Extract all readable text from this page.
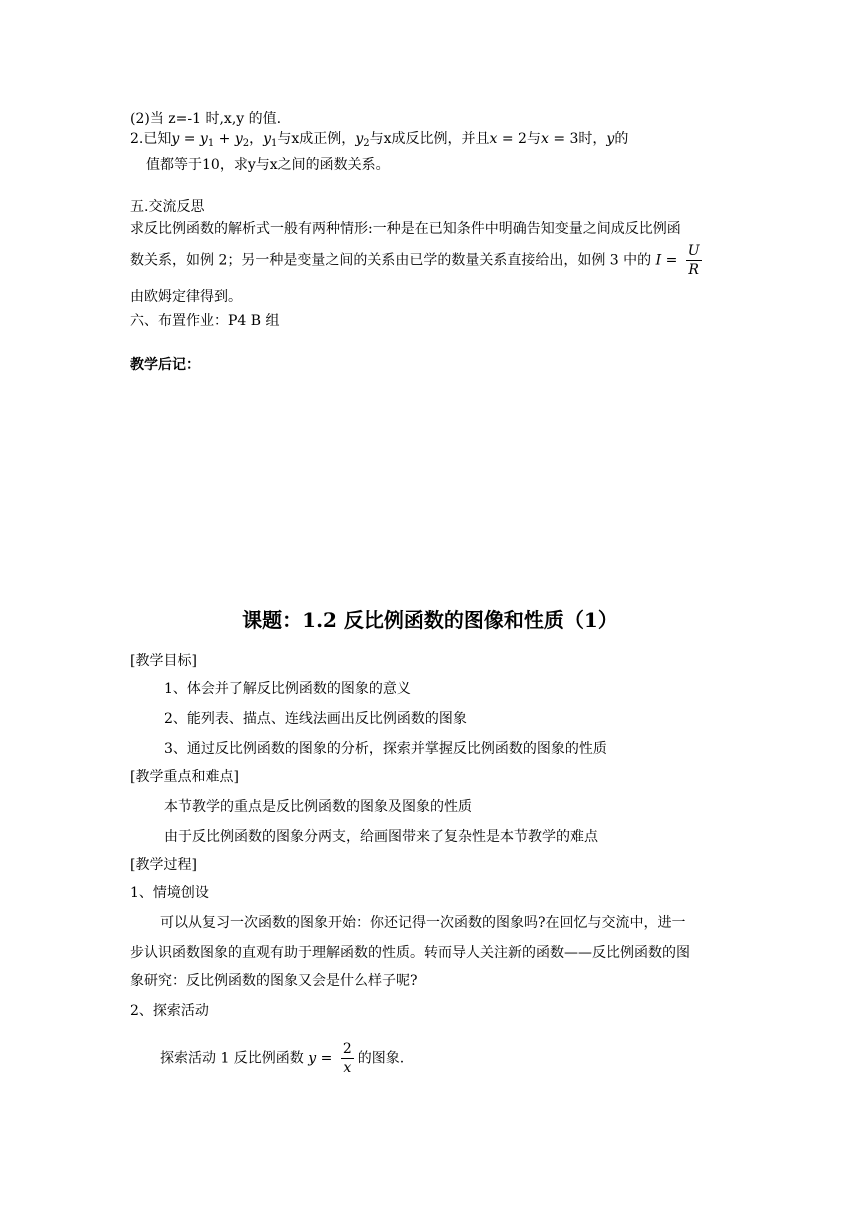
(2)当 z=-1 时,x,y 的值.
2.已知$y = y_1 + y_2$，$y_1$与x成正例，$y_2$与x成反比例，并且x = 2与x = 3时，y的
值都等于10，求y与x之间的函数关系。
五.交流反思
求反比例函数的解析式一般有两种情形:一种是在已知条件中明确告知变量之间成反比例函
数关系，如例 2；另一种是变量之间的关系由已学的数量关系直接给出，如例 3 中的 $I = \frac{U}{R}$
由欧姆定律得到。
六、布置作业：P4 B 组
教学后记：
课题：1.2 反比例函数的图像和性质（1）
[教学目标]
1、体会并了解反比例函数的图象的意义
2、能列表、描点、连线法画出反比例函数的图象
3、通过反比例函数的图象的分析，探索并掌握反比例函数的图象的性质
[教学重点和难点]
本节教学的重点是反比例函数的图象及图象的性质
由于反比例函数的图象分两支，给画图带来了复杂性是本节教学的难点
[教学过程]
1、情境创设
可以从复习一次函数的图象开始：你还记得一次函数的图象吗?在回忆与交流中，进一
步认识函数图象的直观有助于理解函数的性质。转而导人关注新的函数——反比例函数的图
象研究：反比例函数的图象又会是什么样子呢?
2、探索活动
探索活动 1 反比例函数 $y = \frac{2}{x}$ 的图象.
